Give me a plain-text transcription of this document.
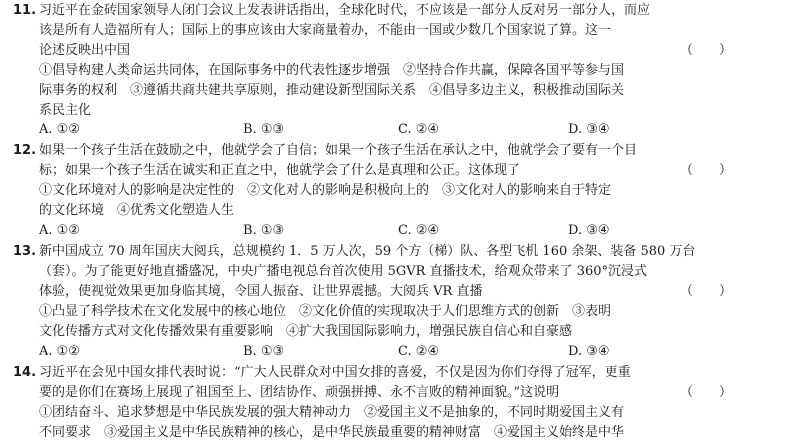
11. 习近平在金砖国家领导人闭门会议上发表讲话指出，全球化时代，不应该是一部分人反对另一部分人，而应
该是所有人造福所有人；国际上的事应该由大家商量着办，不能由一国或少数几个国家说了算。这一
论述反映出中国	（　　）
①倡导构建人类命运共同体，在国际事务中的代表性逐步增强　②坚持合作共赢，保障各国平等参与国
际事务的权利　③遵循共商共建共享原则，推动建设新型国际关系　④倡导多边主义，积极推动国际关
系民主化
A. ①②	B. ①③	C. ②④	D. ③④
12. 如果一个孩子生活在鼓励之中，他就学会了自信；如果一个孩子生活在承认之中，他就学会了要有一个目
标；如果一个孩子生活在诚实和正直之中，他就学会了什么是真理和公正。这体现了	（　　）
①文化环境对人的影响是决定性的　②文化对人的影响是积极向上的　③文化对人的影响来自于特定
的文化环境　④优秀文化塑造人生
A. ①②	B. ①③	C. ②④	D. ③④
13. 新中国成立 70 周年国庆大阅兵，总规模约 1．5 万人次，59 个方（梯）队、各型飞机 160 余架、装备 580 万台
（套）。为了能更好地直播盛况，中央广播电视总台首次使用 5GVR 直播技术，给观众带来了 360°沉浸式
体验，使视觉效果更加身临其境，令国人振奋、让世界震撼。大阅兵 VR 直播	（　　）
①凸显了科学技术在文化发展中的核心地位　②文化价值的实现取决于人们思维方式的创新　③表明
文化传播方式对文化传播效果有重要影响　④扩大我国国际影响力，增强民族自信心和自豪感
A. ①②	B. ①③	C. ②④	D. ③④
14. 习近平在会见中国女排代表时说：“广大人民群众对中国女排的喜爱，不仅是因为你们夺得了冠军，更重
要的是你们在赛场上展现了祖国至上、团结协作、顽强拼搏、永不言败的精神面貌。”这说明	（　　）
①团结奋斗、追求梦想是中华民族发展的强大精神动力　②爱国主义不是抽象的，不同时期爱国主义有
不同要求　③爱国主义是中华民族精神的核心，是中华民族最重要的精神财富　④爱国主义始终是中华
